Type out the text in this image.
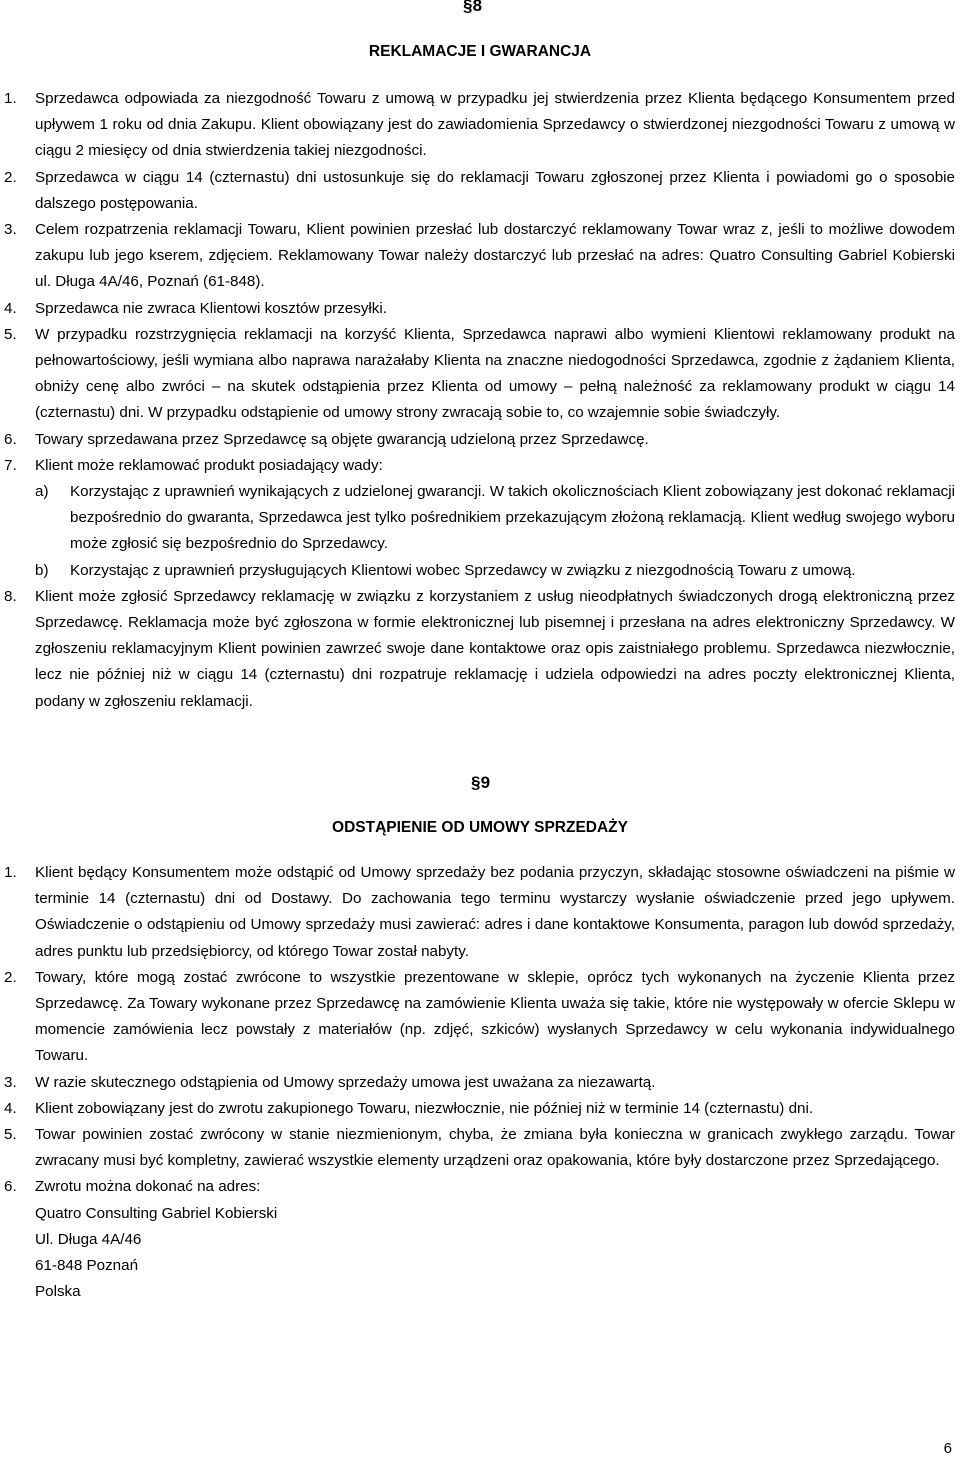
§8
REKLAMACJE I GWARANCJA
1. Sprzedawca odpowiada za niezgodność Towaru z umową w przypadku jej stwierdzenia przez Klienta będącego Konsumentem przed upływem 1 roku od dnia Zakupu. Klient obowiązany jest do zawiadomienia Sprzedawcy o stwierdzonej niezgodności Towaru z umową w ciągu 2 miesięcy od dnia stwierdzenia takiej niezgodności.
2. Sprzedawca w ciągu 14 (czternastu) dni ustosunkuje się do reklamacji Towaru zgłoszonej przez Klienta i powiadomi go o sposobie dalszego postępowania.
3. Celem rozpatrzenia reklamacji Towaru, Klient powinien przesłać lub dostarczyć reklamowany Towar wraz z, jeśli to możliwe dowodem zakupu lub jego kserem, zdjęciem. Reklamowany Towar należy dostarczyć lub przesłać na adres: Quatro Consulting Gabriel Kobierski ul. Długa 4A/46, Poznań (61-848).
4. Sprzedawca nie zwraca Klientowi kosztów przesyłki.
5. W przypadku rozstrzygnięcia reklamacji na korzyść Klienta, Sprzedawca naprawi albo wymieni Klientowi reklamowany produkt na pełnowartościowy, jeśli wymiana albo naprawa narażałaby Klienta na znaczne niedogodności Sprzedawca, zgodnie z żądaniem Klienta, obniży cenę albo zwróci – na skutek odstąpienia przez Klienta od umowy – pełną należność za reklamowany produkt w ciągu 14 (czternastu) dni. W przypadku odstąpienie od umowy strony zwracają sobie to, co wzajemnie sobie świadczyły.
6. Towary sprzedawana przez Sprzedawcę są objęte gwarancją udzieloną przez Sprzedawcę.
7. Klient może reklamować produkt posiadający wady:
a) Korzystając z uprawnień wynikających z udzielonej gwarancji. W takich okolicznościach Klient zobowiązany jest dokonać reklamacji bezpośrednio do gwaranta, Sprzedawca jest tylko pośrednikiem przekazującym złożoną reklamacją. Klient według swojego wyboru może zgłosić się bezpośrednio do Sprzedawcy.
b) Korzystając z uprawnień przysługujących Klientowi wobec Sprzedawcy w związku z niezgodnością Towaru z umową.
8. Klient może zgłosić Sprzedawcy reklamację w związku z korzystaniem z usług nieodpłatnych świadczonych drogą elektroniczną przez Sprzedawcę. Reklamacja może być zgłoszona w formie elektronicznej lub pisemnej i przesłana na adres elektroniczny Sprzedawcy. W zgłoszeniu reklamacyjnym Klient powinien zawrzeć swoje dane kontaktowe oraz opis zaistniałego problemu. Sprzedawca niezwłocznie, lecz nie później niż w ciągu 14 (czternastu) dni rozpatruje reklamację i udziela odpowiedzi na adres poczty elektronicznej Klienta, podany w zgłoszeniu reklamacji.
§9
ODSTĄPIENIE OD UMOWY SPRZEDAŻY
1. Klient będący Konsumentem może odstąpić od Umowy sprzedaży bez podania przyczyn, składając stosowne oświadczeni na piśmie w terminie 14 (czternastu) dni od Dostawy. Do zachowania tego terminu wystarczy wysłanie oświadczenie przed jego upływem. Oświadczenie o odstąpieniu od Umowy sprzedaży musi zawierać: adres i dane kontaktowe Konsumenta, paragon lub dowód sprzedaży, adres punktu lub przedsiębiorcy, od którego Towar został nabyty.
2. Towary, które mogą zostać zwrócone to wszystkie prezentowane w sklepie, oprócz tych wykonanych na życzenie Klienta przez Sprzedawcę. Za Towary wykonane przez Sprzedawcę na zamówienie Klienta uważa się takie, które nie występowały w ofercie Sklepu w momencie zamówienia lecz powstały z materiałów (np. zdjęć, szkiców) wysłanych Sprzedawcy w celu wykonania indywidualnego Towaru.
3. W razie skutecznego odstąpienia od Umowy sprzedaży umowa jest uważana za niezawartą.
4. Klient zobowiązany jest do zwrotu zakupionego Towaru, niezwłocznie, nie później niż w terminie 14 (czternastu) dni.
5. Towar powinien zostać zwrócony w stanie niezmienionym, chyba, że zmiana była konieczna w granicach zwykłego zarządu. Towar zwracany musi być kompletny, zawierać wszystkie elementy urządzeni oraz opakowania, które były dostarczone przez Sprzedającego.
6. Zwrotu można dokonać na adres:
Quatro Consulting Gabriel Kobierski
Ul. Długa 4A/46
61-848 Poznań
Polska
6
